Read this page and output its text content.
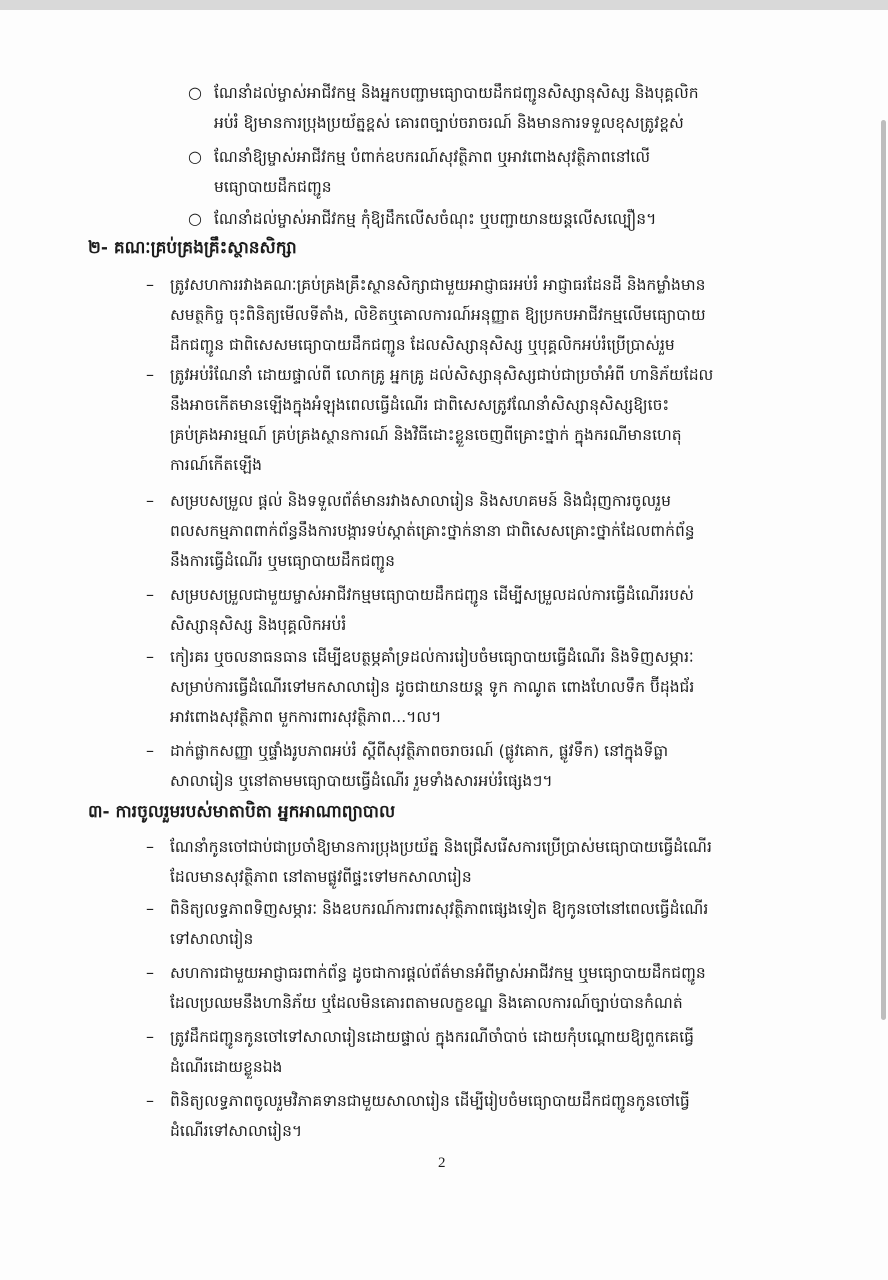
○ ណែនាំដល់ម្ចាស់អាជីវកម្ម និងអ្នកបញ្ជាមធ្យោបាយដឹកជញ្ជូនសិស្សានុសិស្ស និងបុគ្គលិក
អប់រំ ឱ្យមានការប្រុងប្រយ័ត្នខ្ពស់ គោរពច្បាប់ចរាចរណ៍ និងមានការទទួលខុសត្រូវខ្ពស់
○ ណែនាំឱ្យម្ចាស់អាជីវកម្ម បំពាក់ឧបករណ៍សុវត្ថិភាព ឬអាវពោងសុវត្ថិភាពនៅលើ
មធ្យោបាយដឹកជញ្ជូន
○ ណែនាំដល់ម្ចាស់អាជីវកម្ម កុំឱ្យដឹកលើសចំណុះ ឬបញ្ជាយានយន្តលើសល្បឿន។
២- គណៈគ្រប់គ្រងគ្រឹះស្ថានសិក្សា
– ត្រូវសហការរវាងគណៈគ្រប់គ្រងគ្រឹះស្ថានសិក្សាជាមួយអាជ្ញាធរអប់រំ អាជ្ញាធរដែនដី និងកម្លាំងមាន
សមត្ថកិច្ច ចុះពិនិត្យមើលទីតាំង, លិខិតឬគោលការណ៍អនុញ្ញាត ឱ្យប្រកបអាជីវកម្មលើមធ្យោបាយ
ដឹកជញ្ជូន ជាពិសេសមធ្យោបាយដឹកជញ្ជូន ដែលសិស្សានុសិស្ស ឬបុគ្គលិកអប់រំប្រើប្រាស់រួម
– ត្រូវអប់រំណែនាំ ដោយផ្ទាល់ពី លោកគ្រូ អ្នកគ្រូ ដល់សិស្សានុសិស្សជាប់ជាប្រចាំអំពី ហានិភ័យដែល
នឹងអាចកើតមានឡើងក្នុងអំឡុងពេលធ្វើដំណើរ ជាពិសេសត្រូវណែនាំសិស្សានុសិស្សឱ្យចេះ
គ្រប់គ្រងអារម្មណ៍ គ្រប់គ្រងស្ថានការណ៍ និងវិធីដោះខ្លួនចេញពីគ្រោះថ្នាក់ ក្នុងករណីមានហេតុ
ការណ៍កើតឡើង
– សម្របសម្រួល ផ្តល់ និងទទួលព័ត៌មានរវាងសាលារៀន និងសហគមន៍ និងជំរុញការចូលរួម
ពលសកម្មភាពពាក់ព័ន្ធនឹងការបង្ការទប់ស្កាត់គ្រោះថ្នាក់នានា ជាពិសេសគ្រោះថ្នាក់ដែលពាក់ព័ន្ធ
នឹងការធ្វើដំណើរ ឬមធ្យោបាយដឹកជញ្ជូន
– សម្របសម្រួលជាមួយម្ចាស់អាជីវកម្មមធ្យោបាយដឹកជញ្ជូន ដើម្បីសម្រួលដល់ការធ្វើដំណើររបស់
សិស្សានុសិស្ស និងបុគ្គលិកអប់រំ
– កៀរគរ ឬចលនាធនធាន ដើម្បីឧបត្ថម្ភគាំទ្រដល់ការរៀបចំមធ្យោបាយធ្វើដំណើរ និងទិញសម្ភារៈ
សម្រាប់ការធ្វើដំណើរទៅមកសាលារៀន ដូចជាយានយន្ត ទូក កាណូត ពោងហែលទឹក ប៊ីដុងជ័រ
អាវពោងសុវត្ថិភាព មួកការពារសុវត្ថិភាព...។ល។
– ដាក់ផ្លាកសញ្ញា ឬផ្ទាំងរូបភាពអប់រំ ស្តីពីសុវត្ថិភាពចរាចរណ៍ (ផ្លូវគោក, ផ្លូវទឹក) នៅក្នុងទីធ្លា
សាលារៀន ឬនៅតាមមធ្យោបាយធ្វើដំណើរ រួមទាំងសារអប់រំផ្សេងៗ។
៣- ការចូលរួមរបស់មាតាបិតា អ្នកអាណាព្យាបាល
– ណែនាំកូនចៅជាប់ជាប្រចាំឱ្យមានការប្រុងប្រយ័ត្ន និងជ្រើសរើសការប្រើប្រាស់មធ្យោបាយធ្វើដំណើរ
ដែលមានសុវត្ថិភាព នៅតាមផ្លូវពីផ្ទះទៅមកសាលារៀន
– ពិនិត្យលទ្ធភាពទិញសម្ភារៈ និងឧបករណ៍ការពារសុវត្ថិភាពផ្សេងទៀត ឱ្យកូនចៅនៅពេលធ្វើដំណើរ
ទៅសាលារៀន
– សហការជាមួយអាជ្ញាធរពាក់ព័ន្ធ ដូចជាការផ្តល់ព័ត៌មានអំពីម្ចាស់អាជីវកម្ម ឬមធ្យោបាយដឹកជញ្ជូន
ដែលប្រឈមនឹងហានិភ័យ ឬដែលមិនគោរពតាមលក្ខខណ្ឌ និងគោលការណ៍ច្បាប់បានកំណត់
– ត្រូវដឹកជញ្ជូនកូនចៅទៅសាលារៀនដោយផ្ទាល់ ក្នុងករណីចាំបាច់ ដោយកុំបណ្តោយឱ្យពួកគេធ្វើ
ដំណើរដោយខ្លួនឯង
– ពិនិត្យលទ្ធភាពចូលរួមវិភាគទានជាមួយសាលារៀន ដើម្បីរៀបចំមធ្យោបាយដឹកជញ្ជូនកូនចៅធ្វើ
ដំណើរទៅសាលារៀន។
2
